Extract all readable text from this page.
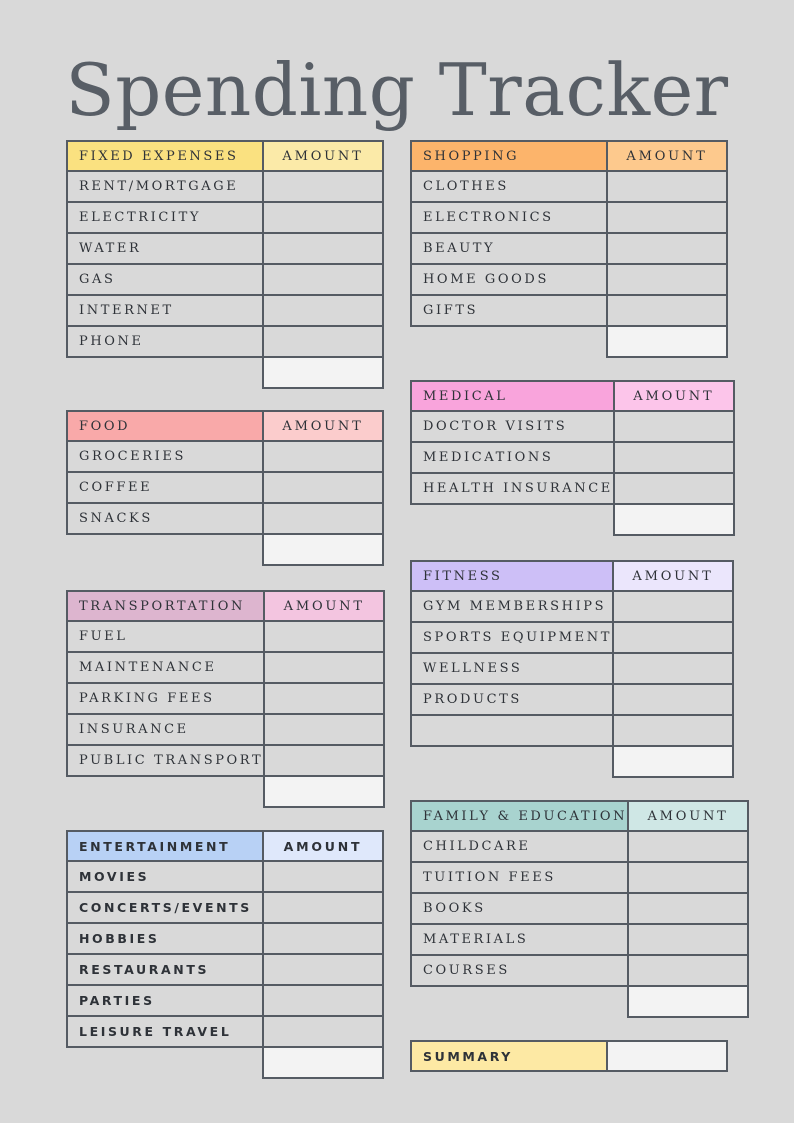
Spending Tracker
FIXED EXPENSES	AMOUNT
RENT/MORTGAGE	
ELECTRICITY	
WATER	
GAS	
INTERNET	
PHONE	

FOOD	AMOUNT
GROCERIES	
COFFEE	
SNACKS	

TRANSPORTATION	AMOUNT
FUEL	
MAINTENANCE	
PARKING FEES	
INSURANCE	
PUBLIC TRANSPORT	

ENTERTAINMENT	AMOUNT
MOVIES	
CONCERTS/EVENTS	
HOBBIES	
RESTAURANTS	
PARTIES	
LEISURE TRAVEL	

SHOPPING	AMOUNT
CLOTHES	
ELECTRONICS	
BEAUTY	
HOME GOODS	
GIFTS	

MEDICAL	AMOUNT
DOCTOR VISITS	
MEDICATIONS	
HEALTH INSURANCE	

FITNESS	AMOUNT
GYM MEMBERSHIPS	
SPORTS EQUIPMENT	
WELLNESS	
PRODUCTS	

FAMILY & EDUCATION	AMOUNT
CHILDCARE	
TUITION FEES	
BOOKS	
MATERIALS	
COURSES	

SUMMARY	
